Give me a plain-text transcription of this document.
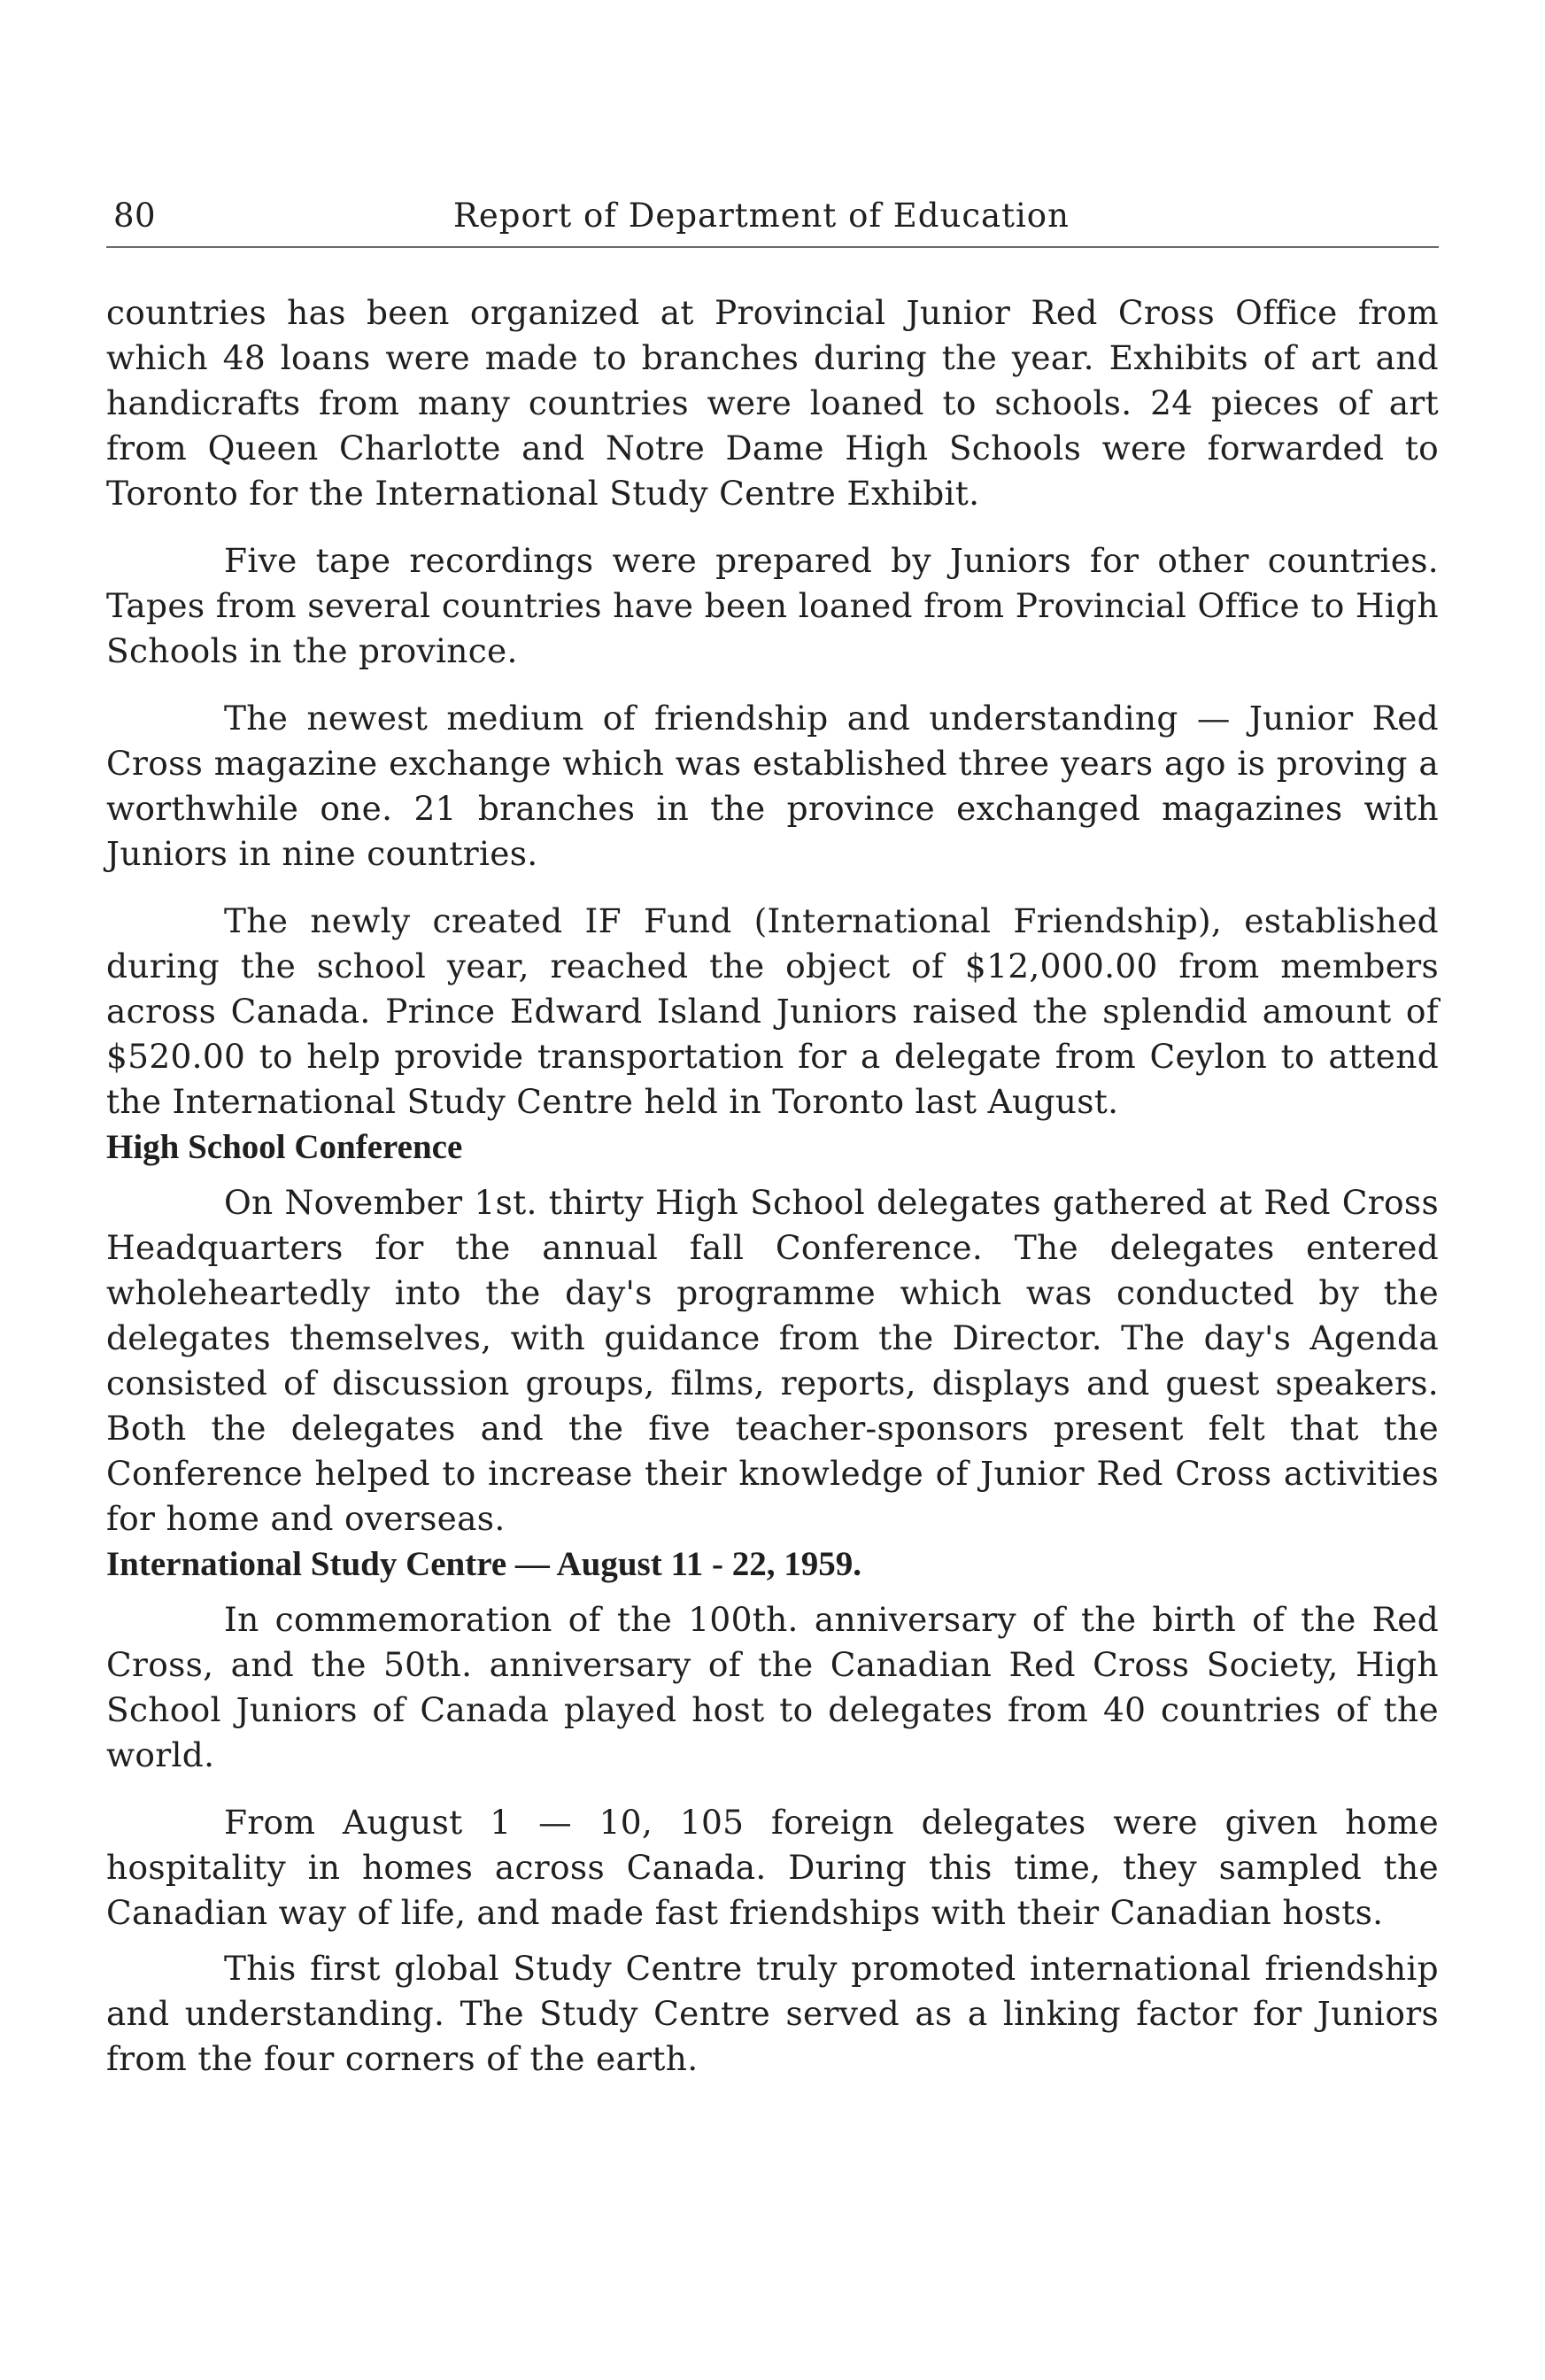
80	Report of Department of Education

countries has been organized at Provincial Junior Red Cross Office from which 48 loans were made to branches during the year. Exhibits of art and handicrafts from many countries were loaned to schools. 24 pieces of art from Queen Charlotte and Notre Dame High Schools were forwarded to Toronto for the International Study Centre Exhibit.

Five tape recordings were prepared by Juniors for other countries. Tapes from several countries have been loaned from Provincial Office to High Schools in the province.

The newest medium of friendship and understanding — Junior Red Cross magazine exchange which was established three years ago is proving a worthwhile one. 21 branches in the province exchanged magazines with Juniors in nine countries.

The newly created IF Fund (International Friendship), established during the school year, reached the object of $12,000.00 from members across Canada. Prince Edward Island Juniors raised the splendid amount of $520.00 to help provide transportation for a delegate from Ceylon to attend the International Study Centre held in Toronto last August.

High School Conference

On November 1st. thirty High School delegates gathered at Red Cross Headquarters for the annual fall Conference. The delegates entered wholeheartedly into the day's programme which was conducted by the delegates themselves, with guidance from the Director. The day's Agenda consisted of discussion groups, films, reports, displays and guest speakers. Both the delegates and the five teacher-sponsors present felt that the Conference helped to increase their knowledge of Junior Red Cross activities for home and overseas.

International Study Centre — August 11 - 22, 1959.

In commemoration of the 100th. anniversary of the birth of the Red Cross, and the 50th. anniversary of the Canadian Red Cross Society, High School Juniors of Canada played host to delegates from 40 countries of the world.

From August 1 — 10, 105 foreign delegates were given home hospitality in homes across Canada. During this time, they sampled the Canadian way of life, and made fast friendships with their Canadian hosts.

This first global Study Centre truly promoted international friendship and understanding. The Study Centre served as a linking factor for Juniors from the four corners of the earth.
